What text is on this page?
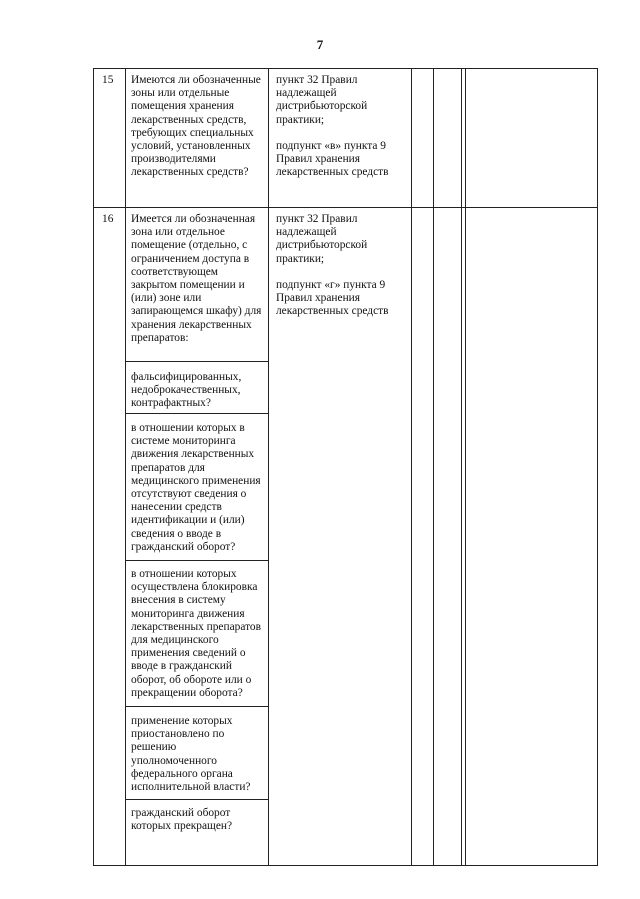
7
15 Имеются ли обозначенные
зоны или отдельные
помещения хранения
лекарственных средств,
требующих специальных
условий, установленных
производителями
лекарственных средств?
пункт 32 Правил
надлежащей
дистрибьюторской
практики;

подпункт «в» пункта 9
Правил хранения
лекарственных средств
16 Имеется ли обозначенная
зона или отдельное
помещение (отдельно, с
ограничением доступа в
соответствующем
закрытом помещении и
(или) зоне или
запирающемся шкафу) для
хранения лекарственных
препаратов:
пункт 32 Правил
надлежащей
дистрибьюторской
практики;

подпункт «г» пункта 9
Правил хранения
лекарственных средств
фальсифицированных,
недоброкачественных,
контрафактных?
в отношении которых в
системе мониторинга
движения лекарственных
препаратов для
медицинского применения
отсутствуют сведения о
нанесении средств
идентификации и (или)
сведения о вводе в
гражданский оборот?
в отношении которых
осуществлена блокировка
внесения в систему
мониторинга движения
лекарственных препаратов
для медицинского
применения сведений о
вводе в гражданский
оборот, об обороте или о
прекращении оборота?
применение которых
приостановлено по
решению
уполномоченного
федерального органа
исполнительной власти?
гражданский оборот
которых прекращен?
